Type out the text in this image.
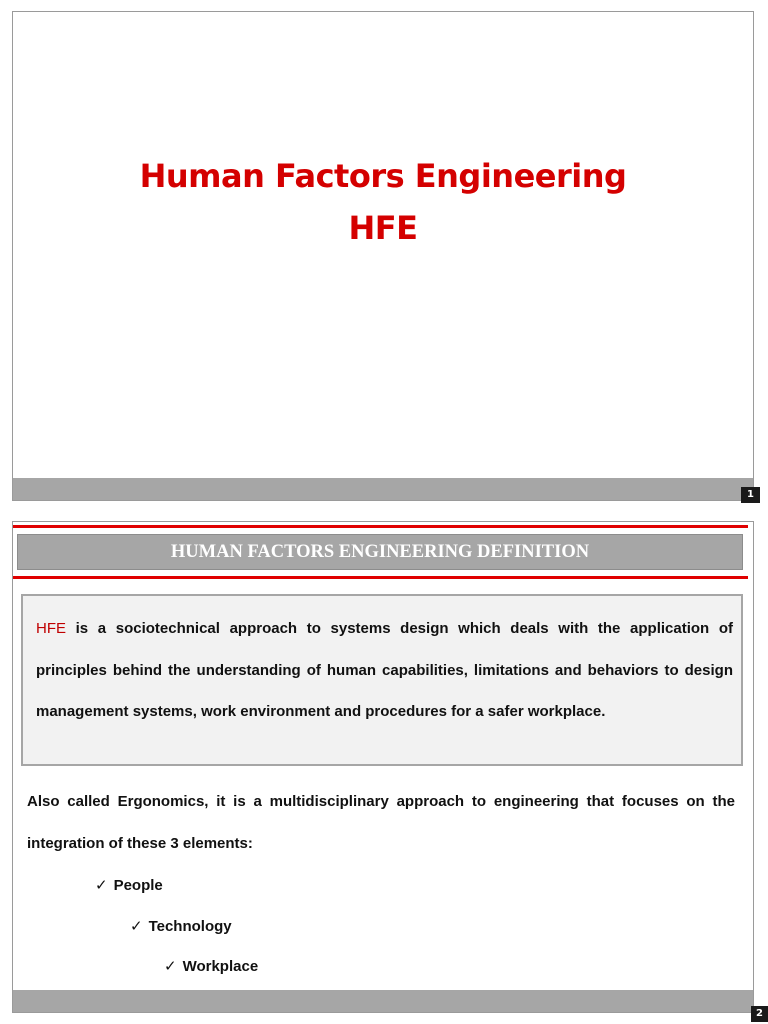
Human Factors Engineering
HFE
1
HUMAN FACTORS ENGINEERING DEFINITION

HFE is a sociotechnical approach to systems design which deals with the application of principles behind the understanding of human capabilities, limitations and behaviors to design management systems, work environment and procedures for a safer workplace.

Also called Ergonomics, it is a multidisciplinary approach to engineering that focuses on the integration of these 3 elements:

✓ People
✓ Technology
✓ Workplace
2
